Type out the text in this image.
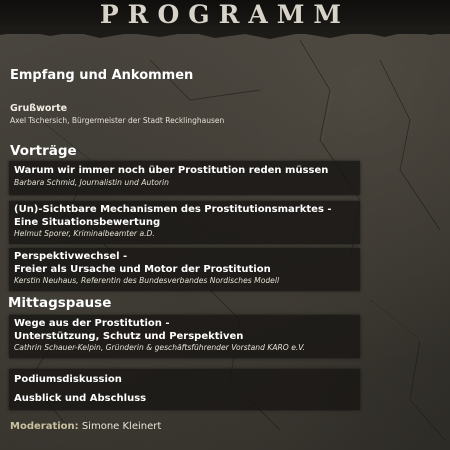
PROGRAMM
Empfang und Ankommen
Grußworte
Axel Tschersich, Bürgermeister der Stadt Recklinghausen
Vorträge
Warum wir immer noch über Prostitution reden müssen
Barbara Schmid, Journalistin und Autorin
(Un)-Sichtbare Mechanismen des Prostitutionsmarktes -
Eine Situationsbewertung
Helmut Sporer, Kriminalbeamter a.D.
Perspektivwechsel -
Freier als Ursache und Motor der Prostitution
Kerstin Neuhaus, Referentin des Bundesverbandes Nordisches Modell
Mittagspause
Wege aus der Prostitution -
Unterstützung, Schutz und Perspektiven
Cathrin Schauer-Kelpin, Gründerin & geschäftsführender Vorstand KARO e.V.
Podiumsdiskussion
Ausblick und Abschluss
Moderation: Simone Kleinert
